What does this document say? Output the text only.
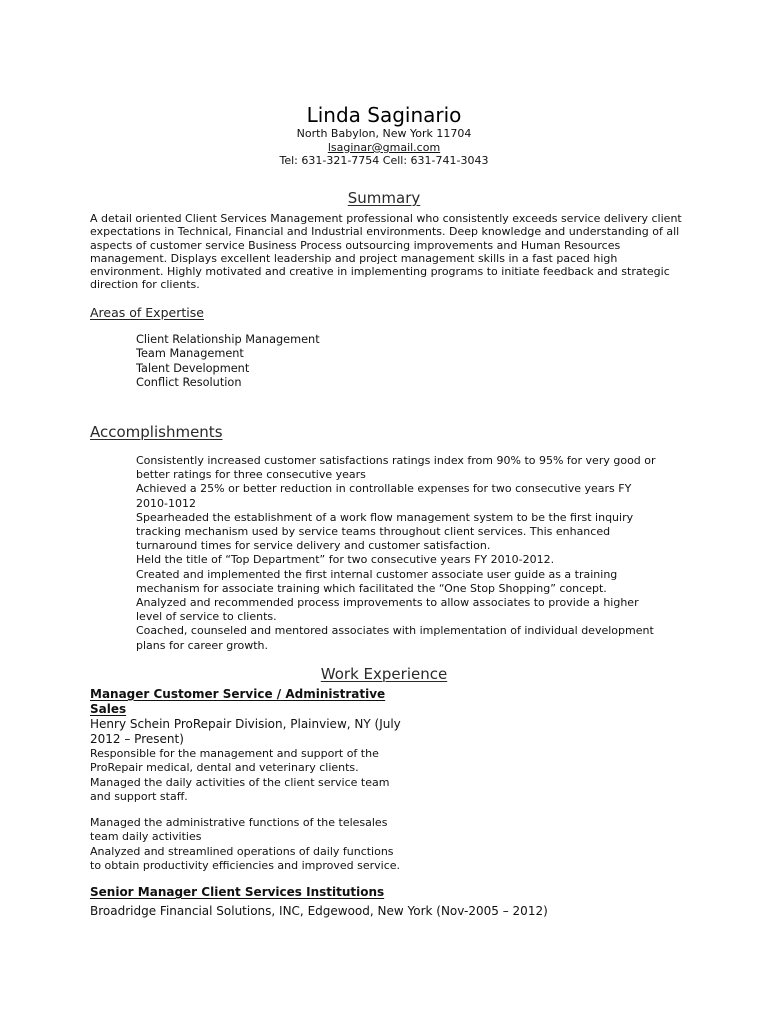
Linda Saginario
North Babylon, New York 11704
lsaginar@gmail.com
Tel: 631-321-7754 Cell: 631-741-3043
Summary
A detail oriented Client Services Management professional who consistently exceeds service delivery client expectations in Technical, Financial and Industrial environments. Deep knowledge and understanding of all aspects of customer service Business Process outsourcing improvements and Human Resources management. Displays excellent leadership and project management skills in a fast paced high environment. Highly motivated and creative in implementing programs to initiate feedback and strategic direction for clients.
Areas of Expertise
Client Relationship Management
Team Management
Talent Development
Conflict Resolution
Accomplishments
Consistently increased customer satisfactions ratings index from 90% to 95% for very good or
better ratings for three consecutive years
Achieved a 25% or better reduction in controllable expenses for two consecutive years FY
2010-1012
Spearheaded the establishment of a work flow management system to be the first inquiry
tracking mechanism used by service teams throughout client services. This enhanced
turnaround times for service delivery and customer satisfaction.
Held the title of “Top Department” for two consecutive years FY 2010-2012.
Created and implemented the first internal customer associate user guide as a training
mechanism for associate training which facilitated the “One Stop Shopping” concept.
Analyzed and recommended process improvements to allow associates to provide a higher
level of service to clients.
Coached, counseled and mentored associates with implementation of individual development
plans for career growth.
Work Experience
Manager Customer Service / Administrative
Sales
Henry Schein ProRepair Division, Plainview, NY (July
2012 – Present)
Responsible for the management and support of the
ProRepair medical, dental and veterinary clients.
Managed the daily activities of the client service team
and support staff.
Managed the administrative functions of the telesales
team daily activities
Analyzed and streamlined operations of daily functions
to obtain productivity efficiencies and improved service.
Senior Manager Client Services Institutions
Broadridge Financial Solutions, INC, Edgewood, New York (Nov-2005 – 2012)
